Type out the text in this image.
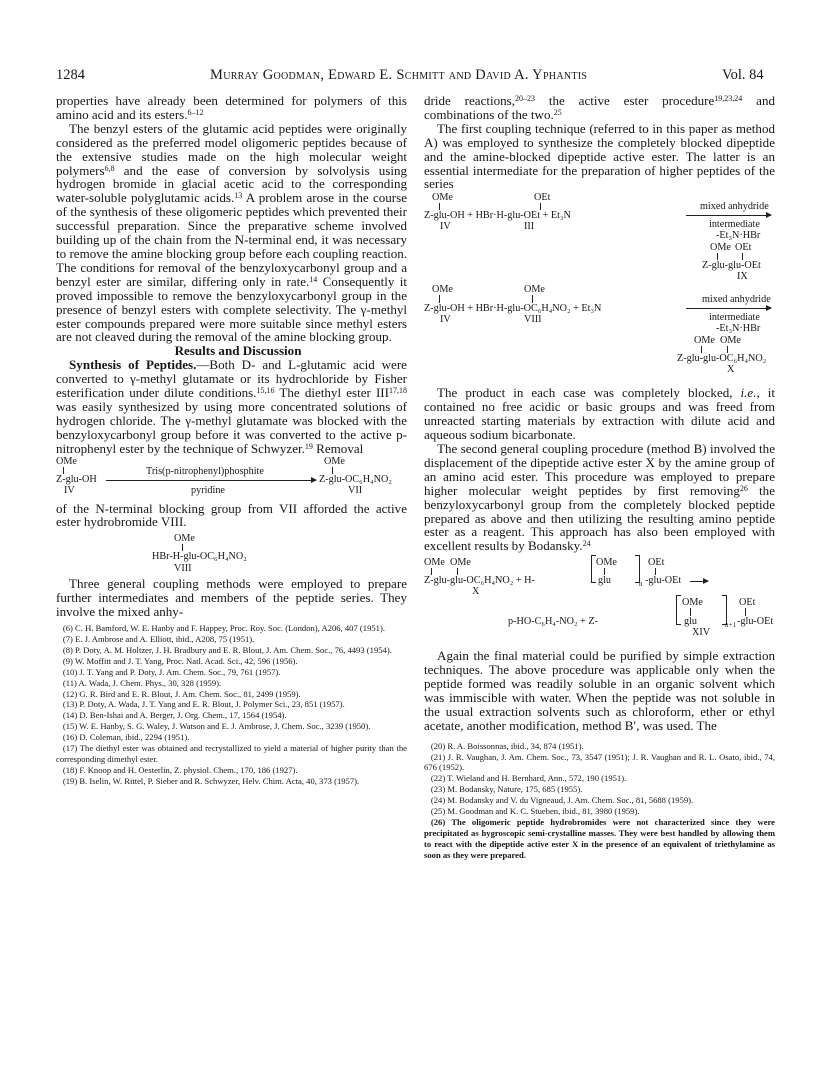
1284	Murray Goodman, Edward E. Schmitt and David A. Yphantis	Vol. 84

properties have already been determined for polymers of this amino acid and its esters.$^{6-12}$

The benzyl esters of the glutamic acid peptides were originally considered as the preferred model oligomeric peptides because of the extensive studies made on the high molecular weight polymers$^{6,8}$ and the ease of conversion by solvolysis using hydrogen bromide in glacial acetic acid to the corresponding water-soluble polyglutamic acids.$^{13}$ A problem arose in the course of the synthesis of these oligomeric peptides which prevented their successful preparation. Since the preparative scheme involved building up of the chain from the N-terminal end, it was necessary to remove the amine blocking group before each coupling reaction. The conditions for removal of the benzyloxycarbonyl group and a benzyl ester are similar, differing only in rate.$^{14}$ Consequently it proved impossible to remove the benzyloxycarbonyl group in the presence of benzyl esters with complete selectivity. The γ-methyl ester compounds prepared were more suitable since methyl esters are not cleaved during the removal of the amine blocking group.

Results and Discussion

Synthesis of Peptides.—Both D- and L-glutamic acid were converted to γ-methyl glutamate or its hydrochloride by Fisher esterification under dilute conditions.$^{15,16}$ The diethyl ester III$^{17,18}$ was easily synthesized by using more concentrated solutions of hydrogen chloride. The γ-methyl glutamate was blocked with the benzyloxycarbonyl group before it was converted to the active p-nitrophenyl ester by the technique of Schwyzer.$^{19}$ Removal

OMe	OMe
Z-glu-OH
Tris(p-nitrophenyl)phosphite
pyridine
Z-glu-OC₆H₄NO₂
IV	VII

of the N-terminal blocking group from VII afforded the active ester hydrobromide VIII.

OMe
HBr-H-glu-OC₆H₄NO₂
VIII

Three general coupling methods were employed to prepare further intermediates and members of the peptide series. They involve the mixed anhy-

(6) C. H. Bamford, W. E. Hanby and F. Happey, Proc. Roy. Soc. (London), A206, 407 (1951).
(7) E. J. Ambrose and A. Elliott, ibid., A208, 75 (1951).
(8) P. Doty, A. M. Holtzer, J. H. Bradbury and E. R. Blout, J. Am. Chem. Soc., 76, 4493 (1954).
(9) W. Moffitt and J. T. Yang, Proc. Natl. Acad. Sci., 42, 596 (1956).
(10) J. T. Yang and P. Doty, J. Am. Chem. Soc., 79, 761 (1957).
(11) A. Wada, J. Chem. Phys., 30, 328 (1959).
(12) G. R. Bird and E. R. Blout, J. Am. Chem. Soc., 81, 2499 (1959).
(13) P. Doty, A. Wada, J. T. Yang and E. R. Blout, J. Polymer Sci., 23, 851 (1957).
(14) D. Ben-Ishai and A. Berger, J. Org. Chem., 17, 1564 (1954).
(15) W. E. Hanby, S. G. Waley, J. Watson and E. J. Ambrose, J. Chem. Soc., 3239 (1950).
(16) D. Coleman, ibid., 2294 (1951).
(17) The diethyl ester was obtained and recrystallized to yield a material of higher purity than the corresponding dimethyl ester.
(18) F. Knoop and H. Oesterlin, Z. physiol. Chem., 170, 186 (1927).
(19) B. Iselin, W. Rittel, P. Sieber and R. Schwyzer, Helv. Chim. Acta, 40, 373 (1957).

dride reactions,$^{20-23}$ the active ester procedure$^{19,23,24}$ and combinations of the two.$^{25}$

The first coupling technique (referred to in this paper as method A) was employed to synthesize the completely blocked dipeptide and the amine-blocked dipeptide active ester. The latter is an essential intermediate for the preparation of higher peptides of the series

OMe	OEt
Z-glu-OH + HBr·H-glu-OEt + Et₃N
mixed anhydride
intermediate
-Et₃N·HBr
IV	III
OMe OEt
Z-glu-glu-OEt
IX
OMe	OMe
Z-glu-OH + HBr·H-glu-OC₆H₄NO₂ + Et₃N
mixed anhydride
intermediate
-Et₃N·HBr
IV	VIII
OMe OMe
Z-glu-glu-OC₆H₄NO₂
X

The product in each case was completely blocked, i.e., it contained no free acidic or basic groups and was freed from unreacted starting materials by extraction with dilute acid and aqueous sodium bicarbonate.

The second general coupling procedure (method B) involved the displacement of the dipeptide active ester X by the amine group of an amino acid ester. This procedure was employed to prepare higher molecular weight peptides by first removing$^{26}$ the benzyloxycarbonyl group from the completely blocked peptide prepared as above and then utilizing the resulting amino peptide ester as a reagent. This approach has also been employed with excellent results by Bodansky.$^{24}$

OMe OMe	OMe	OEt
Z-glu-glu-OC₆H₄NO₂ + H-	glu	n -glu-OEt
X
OMe	OEt
p-HO-C₆H₄-NO₂ + Z-	glu	n+1 -glu-OEt
XIV

Again the final material could be purified by simple extraction techniques. The above procedure was applicable only when the peptide formed was readily soluble in an organic solvent which was immiscible with water. When the peptide was not soluble in the usual extraction solvents such as chloroform, ether or ethyl acetate, another modification, method B′, was used. The

(20) R. A. Boissonnas, ibid., 34, 874 (1951).
(21) J. R. Vaughan, J. Am. Chem. Soc., 73, 3547 (1951); J. R. Vaughan and R. L. Osato, ibid., 74, 676 (1952).
(22) T. Wieland and H. Bernhard, Ann., 572, 190 (1951).
(23) M. Bodansky, Nature, 175, 685 (1955).
(24) M. Bodansky and V. du Vigneaud, J. Am. Chem. Soc., 81, 5688 (1959).
(25) M. Goodman and K. C. Stueben, ibid., 81, 3980 (1959).
(26) The oligomeric peptide hydrobromides were not characterized since they were precipitated as hygroscopic semi-crystalline masses. They were best handled by allowing them to react with the dipeptide active ester X in the presence of an equivalent of triethylamine as soon as they were prepared.
